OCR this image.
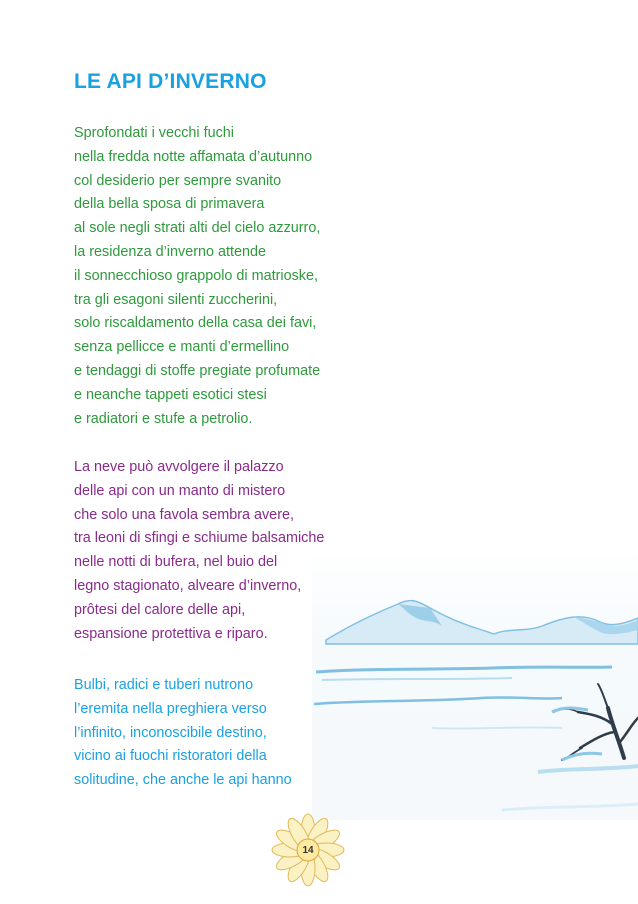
LE API D’INVERNO
Sprofondati i vecchi fuchi
nella fredda notte affamata d’autunno
col desiderio per sempre svanito
della bella sposa di primavera
al sole negli strati alti del cielo azzurro,
la residenza d’inverno attende
il sonnecchioso grappolo di matrioske,
tra gli esagoni silenti zuccherini,
solo riscaldamento della casa dei favi,
senza pellicce e manti d’ermellino
e tendaggi di stoffe pregiate profumate
e neanche tappeti esotici stesi
e radiatori e stufe a petrolio.
La neve può avvolgere il palazzo
delle api con un manto di mistero
che solo una favola sembra avere,
tra leoni di sfingi e schiume balsamiche
nelle notti di bufera, nel buio del
legno stagionato, alveare d’inverno,
prôtesi del calore delle api,
espansione protettiva e riparo.
Bulbi, radici e tuberi nutrono
l’eremita nella preghiera verso
l’infinito, inconoscibile destino,
vicino ai fuochi ristoratori della
solitudine, che anche le api hanno
14
